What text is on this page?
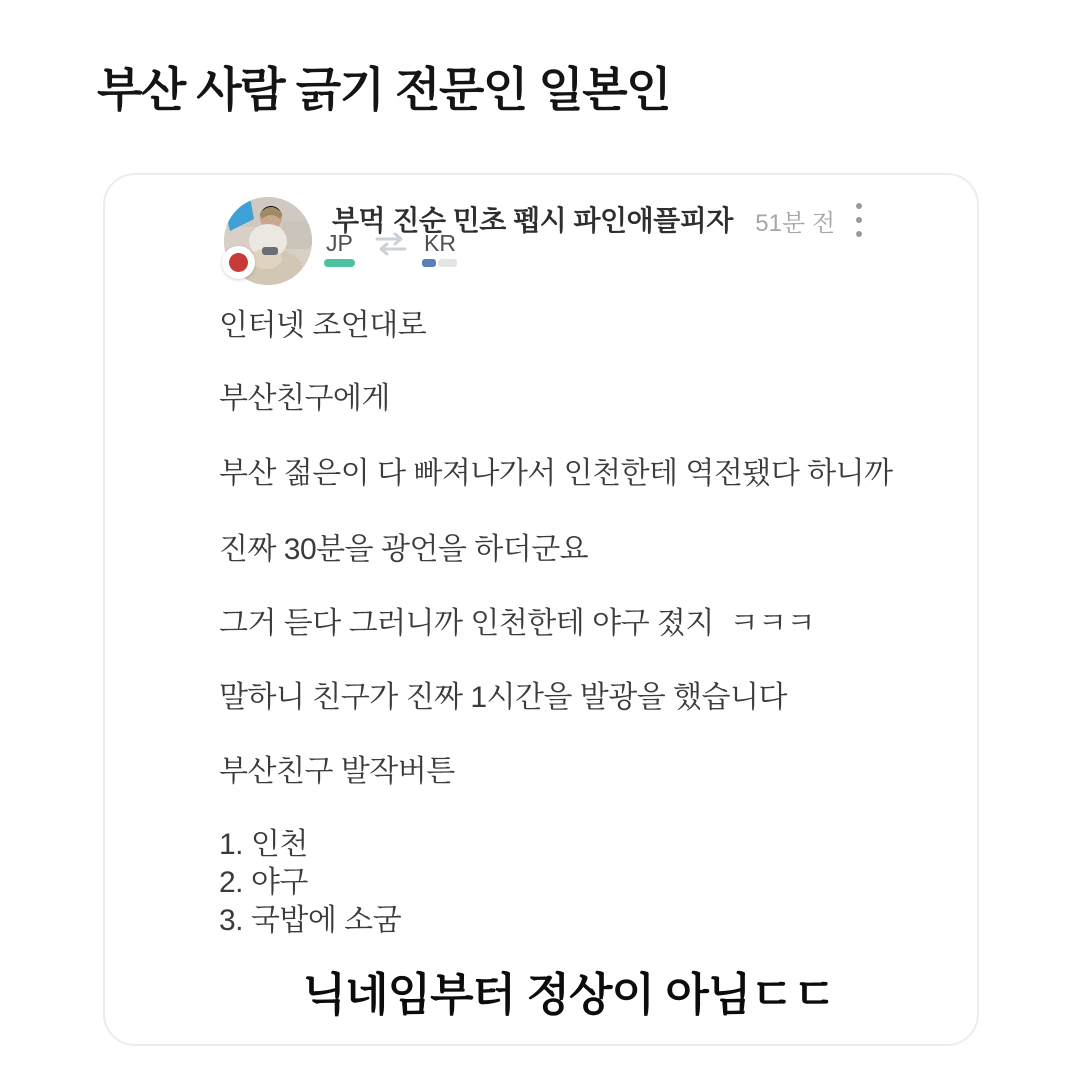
부산 사람 긁기 전문인 일본인
부먹 진순 민초 펩시 파인애플피자
JP	KR
51분 전
인터넷 조언대로
부산친구에게
부산 젊은이 다 빠져나가서 인천한테 역전됐다 하니까
진짜 30분을 광언을 하더군요
그거 듣다 그러니까 인천한테 야구 졌지  ㅋㅋㅋ
말하니 친구가 진짜 1시간을 발광을 했습니다
부산친구 발작버튼
1. 인천
2. 야구
3. 국밥에 소굼
닉네임부터 정상이 아님ㄷㄷ
